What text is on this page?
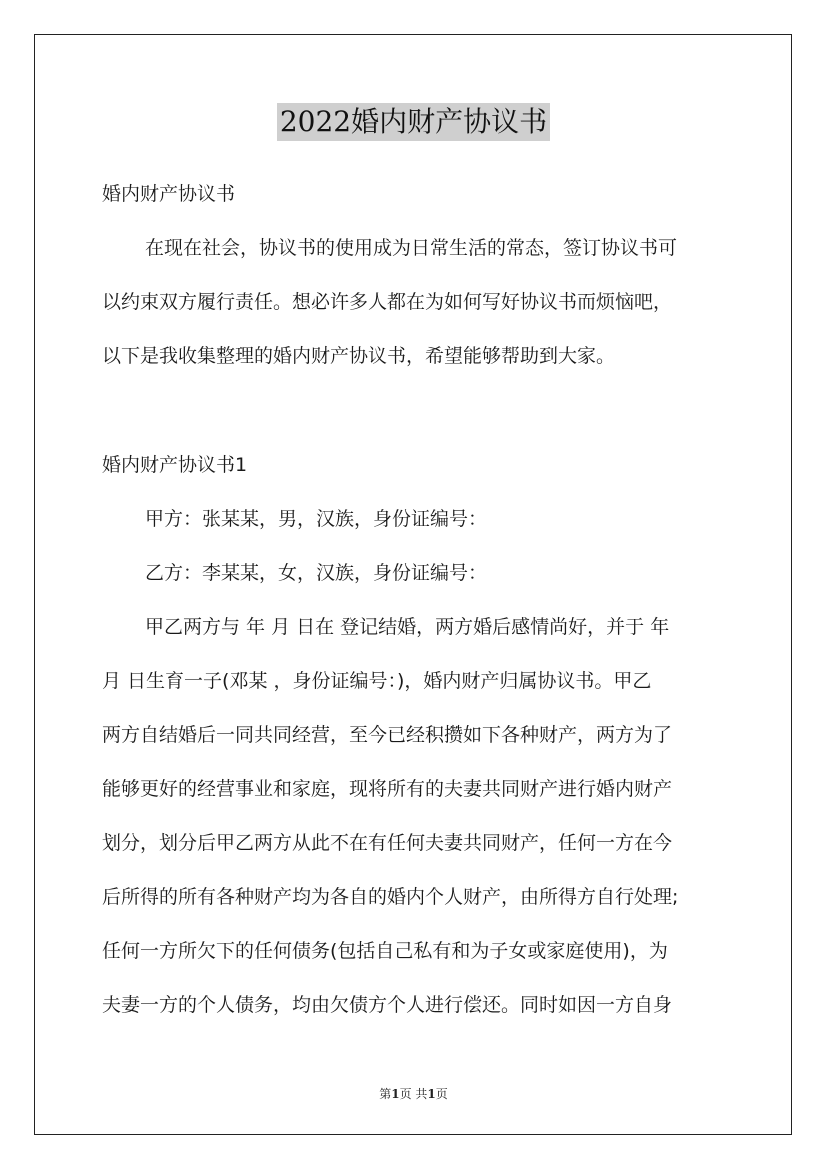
2022婚内财产协议书
婚内财产协议书
在现在社会，协议书的使用成为日常生活的常态，签订协议书可
以约束双方履行责任。想必许多人都在为如何写好协议书而烦恼吧，
以下是我收集整理的婚内财产协议书，希望能够帮助到大家。
婚内财产协议书1
甲方：张某某，男，汉族，身份证编号：
乙方：李某某，女，汉族，身份证编号：
甲乙两方与 年 月 日在 登记结婚，两方婚后感情尚好，并于 年
月 日生育一子(邓某 ，身份证编号：)，婚内财产归属协议书。甲乙
两方自结婚后一同共同经营，至今已经积攒如下各种财产，两方为了
能够更好的经营事业和家庭，现将所有的夫妻共同财产进行婚内财产
划分，划分后甲乙两方从此不在有任何夫妻共同财产，任何一方在今
后所得的所有各种财产均为各自的婚内个人财产，由所得方自行处理;
任何一方所欠下的任何债务(包括自己私有和为子女或家庭使用)，为
夫妻一方的个人债务，均由欠债方个人进行偿还。同时如因一方自身
第1页 共1页
